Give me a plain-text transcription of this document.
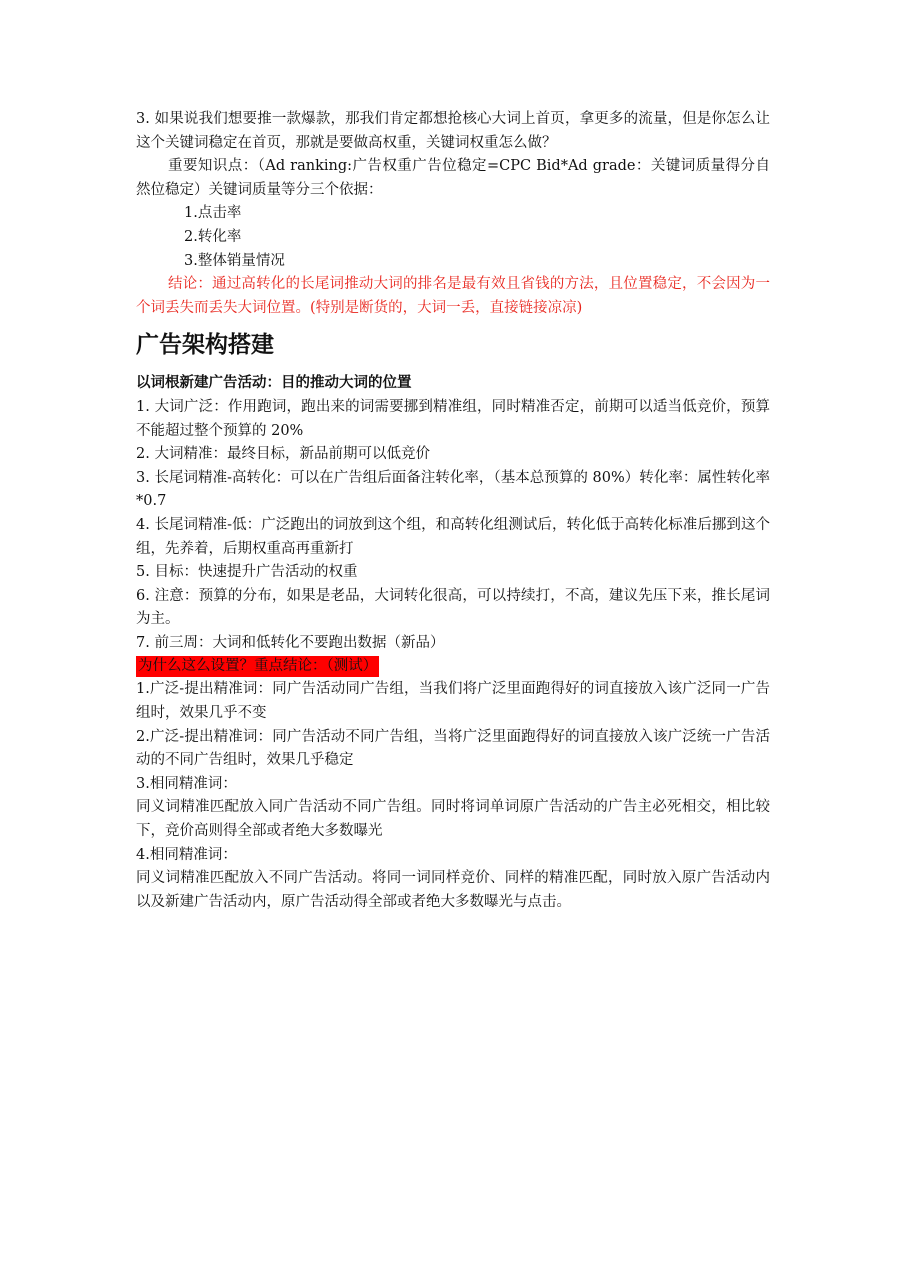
3. 如果说我们想要推一款爆款，那我们肯定都想抢核心大词上首页，拿更多的流量，但是你怎么让这个关键词稳定在首页，那就是要做高权重，关键词权重怎么做？

重要知识点：（Ad ranking:广告权重广告位稳定=CPC Bid*Ad grade：关键词质量得分自然位稳定）关键词质量等分三个依据：

1.点击率

2.转化率

3.整体销量情况

结论：通过高转化的长尾词推动大词的排名是最有效且省钱的方法，且位置稳定，不会因为一个词丢失而丢失大词位置。(特别是断货的，大词一丢，直接链接凉凉)

广告架构搭建

以词根新建广告活动：目的推动大词的位置

1. 大词广泛：作用跑词，跑出来的词需要挪到精准组，同时精准否定，前期可以适当低竞价，预算不能超过整个预算的 20%

2. 大词精准：最终目标，新品前期可以低竞价

3. 长尾词精准-高转化：可以在广告组后面备注转化率，（基本总预算的 80%）转化率：属性转化率*0.7

4. 长尾词精准-低：广泛跑出的词放到这个组，和高转化组测试后，转化低于高转化标准后挪到这个组，先养着，后期权重高再重新打

5. 目标：快速提升广告活动的权重

6. 注意：预算的分布，如果是老品，大词转化很高，可以持续打，不高，建议先压下来，推长尾词为主。

7. 前三周：大词和低转化不要跑出数据（新品）

为什么这么设置？重点结论：（测试）

1.广泛-提出精准词：同广告活动同广告组，当我们将广泛里面跑得好的词直接放入该广泛同一广告组时，效果几乎不变

2.广泛-提出精准词：同广告活动不同广告组，当将广泛里面跑得好的词直接放入该广泛统一广告活动的不同广告组时，效果几乎稳定

3.相同精准词：

同义词精准匹配放入同广告活动不同广告组。同时将词单词原广告活动的广告主必死相交，相比较下，竞价高则得全部或者绝大多数曝光

4.相同精准词：

同义词精准匹配放入不同广告活动。将同一词同样竞价、同样的精准匹配，同时放入原广告活动内以及新建广告活动内，原广告活动得全部或者绝大多数曝光与点击。
